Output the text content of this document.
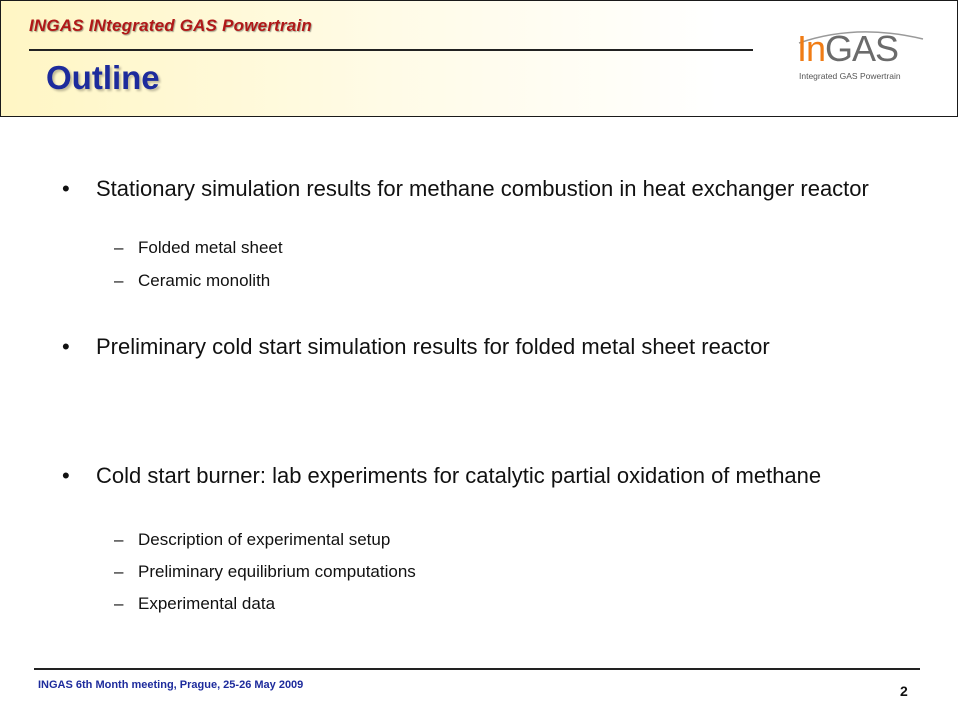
INGAS INtegrated GAS Powertrain
Outline
InGAS
Integrated GAS Powertrain
• Stationary simulation results for methane combustion in heat exchanger reactor
– Folded metal sheet
– Ceramic monolith
• Preliminary cold start simulation results for folded metal sheet reactor
• Cold start burner: lab experiments for catalytic partial oxidation of methane
– Description of experimental setup
– Preliminary equilibrium computations
– Experimental data
INGAS 6th Month meeting, Prague, 25-26 May 2009	2
